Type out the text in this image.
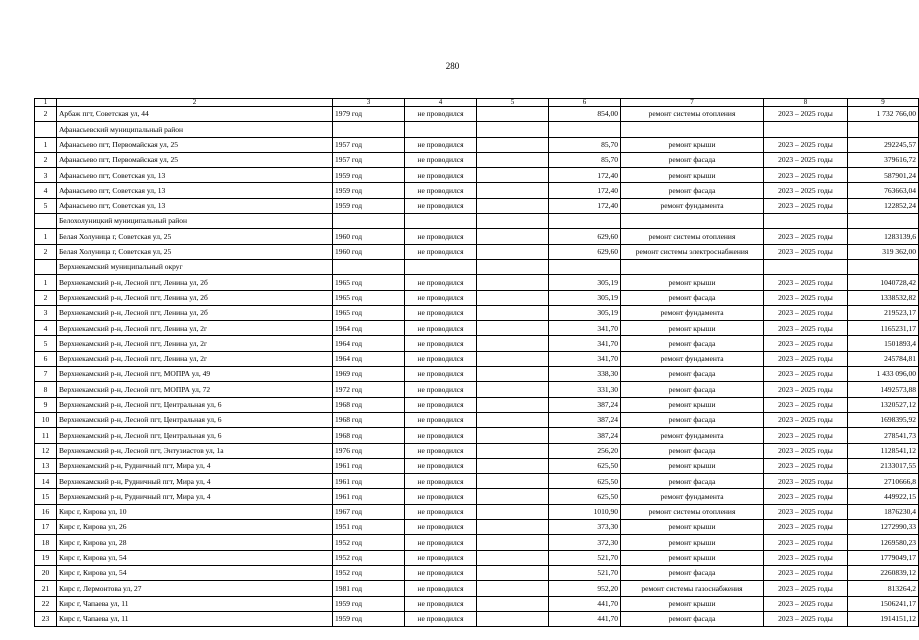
280
1	2	3	4	5	6	7	8	9
2	Арбаж пгт, Советская ул, 44	1979 год	не проводился		854,00	ремонт системы отопления	2023 – 2025 годы	1 732 766,00
	Афанасьевский муниципальный район							
1	Афанасьево пгт, Первомайская ул, 25	1957 год	не проводился		85,70	ремонт крыши	2023 – 2025 годы	292245,57
2	Афанасьево пгт, Первомайская ул, 25	1957 год	не проводился		85,70	ремонт фасада	2023 – 2025 годы	379616,72
3	Афанасьево пгт, Советская ул, 13	1959 год	не проводился		172,40	ремонт крыши	2023 – 2025 годы	587901,24
4	Афанасьево пгт, Советская ул, 13	1959 год	не проводился		172,40	ремонт фасада	2023 – 2025 годы	763663,04
5	Афанасьево пгт, Советская ул, 13	1959 год	не проводился		172,40	ремонт фундамента	2023 – 2025 годы	122852,24
	Белохолуницкий муниципальный район							
1	Белая Холуница г, Советская ул, 25	1960 год	не проводился		629,60	ремонт системы отопления	2023 – 2025 годы	1283139,6
2	Белая Холуница г, Советская ул, 25	1960 год	не проводился		629,60	ремонт системы электроснабжения	2023 – 2025 годы	319 362,00
	Верхнекамский муниципальный округ							
1	Верхнекамский р-н, Лесной пгт, Ленина ул, 2б	1965 год	не проводился		305,19	ремонт крыши	2023 – 2025 годы	1040728,42
2	Верхнекамский р-н, Лесной пгт, Ленина ул, 2б	1965 год	не проводился		305,19	ремонт фасада	2023 – 2025 годы	1338532,82
3	Верхнекамский р-н, Лесной пгт, Ленина ул, 2б	1965 год	не проводился		305,19	ремонт фундамента	2023 – 2025 годы	219523,17
4	Верхнекамский р-н, Лесной пгт, Ленина ул, 2г	1964 год	не проводился		341,70	ремонт крыши	2023 – 2025 годы	1165231,17
5	Верхнекамский р-н, Лесной пгт, Ленина ул, 2г	1964 год	не проводился		341,70	ремонт фасада	2023 – 2025 годы	1501893,4
6	Верхнекамский р-н, Лесной пгт, Ленина ул, 2г	1964 год	не проводился		341,70	ремонт фундамента	2023 – 2025 годы	245784,81
7	Верхнекамский р-н, Лесной пгт, МОПРА ул, 49	1969 год	не проводился		338,30	ремонт фасада	2023 – 2025 годы	1 433 096,00
8	Верхнекамский р-н, Лесной пгт, МОПРА ул, 72	1972 год	не проводился		331,30	ремонт фасада	2023 – 2025 годы	1492573,88
9	Верхнекамский р-н, Лесной пгт, Центральная ул, 6	1968 год	не проводился		387,24	ремонт крыши	2023 – 2025 годы	1320527,12
10	Верхнекамский р-н, Лесной пгт, Центральная ул, 6	1968 год	не проводился		387,24	ремонт фасада	2023 – 2025 годы	1698395,92
11	Верхнекамский р-н, Лесной пгт, Центральная ул, 6	1968 год	не проводился		387,24	ремонт фундамента	2023 – 2025 годы	278541,73
12	Верхнекамский р-н, Лесной пгт, Энтузиастов ул, 1а	1976 год	не проводился		256,20	ремонт фасада	2023 – 2025 годы	1128541,12
13	Верхнекамский р-н, Рудничный пгт, Мира ул, 4	1961 год	не проводился		625,50	ремонт крыши	2023 – 2025 годы	2133017,55
14	Верхнекамский р-н, Рудничный пгт, Мира ул, 4	1961 год	не проводился		625,50	ремонт фасада	2023 – 2025 годы	2710666,8
15	Верхнекамский р-н, Рудничный пгт, Мира ул, 4	1961 год	не проводился		625,50	ремонт фундамента	2023 – 2025 годы	449922,15
16	Кирс г, Кирова ул, 10	1967 год	не проводился		1010,90	ремонт системы отопления	2023 – 2025 годы	1876230,4
17	Кирс г, Кирова ул, 26	1951 год	не проводился		373,30	ремонт крыши	2023 – 2025 годы	1272990,33
18	Кирс г, Кирова ул, 28	1952 год	не проводился		372,30	ремонт крыши	2023 – 2025 годы	1269580,23
19	Кирс г, Кирова ул, 54	1952 год	не проводился		521,70	ремонт крыши	2023 – 2025 годы	1779049,17
20	Кирс г, Кирова ул, 54	1952 год	не проводился		521,70	ремонт фасада	2023 – 2025 годы	2260839,12
21	Кирс г, Лермонтова ул, 27	1981 год	не проводился		952,20	ремонт системы газоснабжения	2023 – 2025 годы	813264,2
22	Кирс г, Чапаева ул, 11	1959 год	не проводился		441,70	ремонт крыши	2023 – 2025 годы	1506241,17
23	Кирс г, Чапаева ул, 11	1959 год	не проводился		441,70	ремонт фасада	2023 – 2025 годы	1914151,12
